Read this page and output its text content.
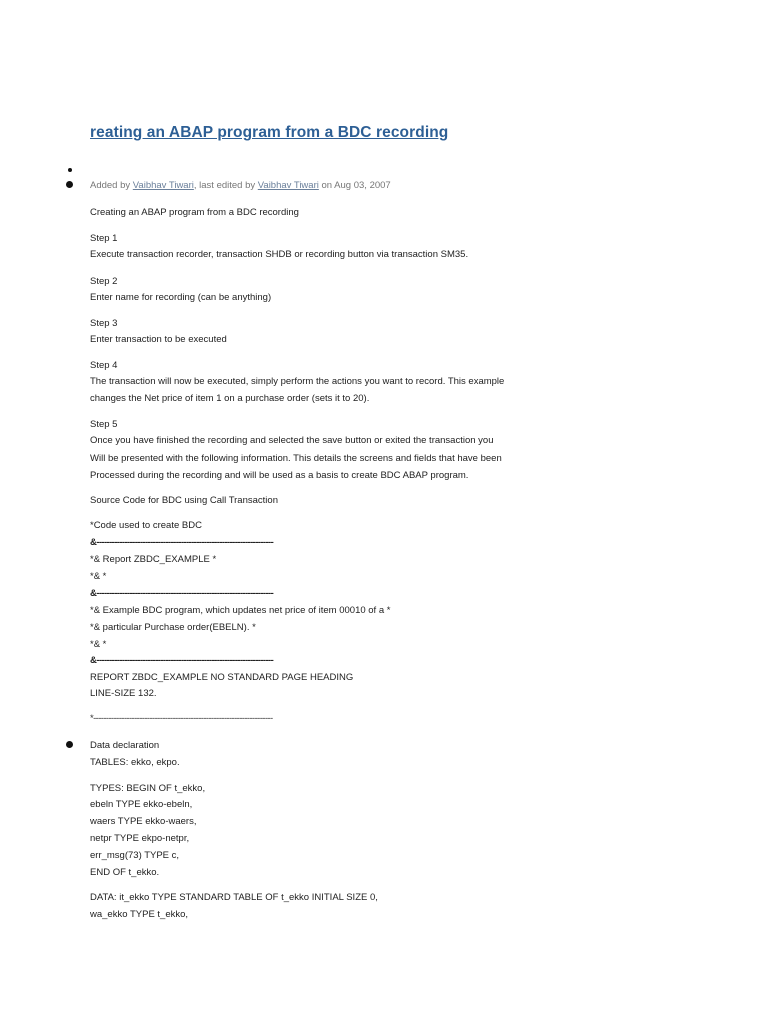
reating an ABAP program from a BDC recording
Added by Vaibhav Tiwari, last edited by Vaibhav Tiwari on Aug 03, 2007
Creating an ABAP program from a BDC recording
Step 1
Execute transaction recorder, transaction SHDB or recording button via transaction SM35.
Step 2
Enter name for recording (can be anything)
Step 3
Enter transaction to be executed
Step 4
The transaction will now be executed, simply perform the actions you want to record. This example
changes the Net price of item 1 on a purchase order (sets it to 20).
Step 5
Once you have finished the recording and selected the save button or exited the transaction you
Will be presented with the following information. This details the screens and fields that have been
Processed during the recording and will be used as a basis to create BDC ABAP program.
Source Code for BDC using Call Transaction
*Code used to create BDC
&---------------------------------------------------------------------
*& Report ZBDC_EXAMPLE *
*& *
&---------------------------------------------------------------------
*& Example BDC program, which updates net price of item 00010 of a *
*& particular Purchase order(EBELN). *
*& *
&---------------------------------------------------------------------
REPORT ZBDC_EXAMPLE NO STANDARD PAGE HEADING
LINE-SIZE 132.
*----------------------------------------------------------------------
Data declaration
TABLES: ekko, ekpo.
TYPES: BEGIN OF t_ekko,
ebeln TYPE ekko-ebeln,
waers TYPE ekko-waers,
netpr TYPE ekpo-netpr,
err_msg(73) TYPE c,
END OF t_ekko.
DATA: it_ekko TYPE STANDARD TABLE OF t_ekko INITIAL SIZE 0,
wa_ekko TYPE t_ekko,
